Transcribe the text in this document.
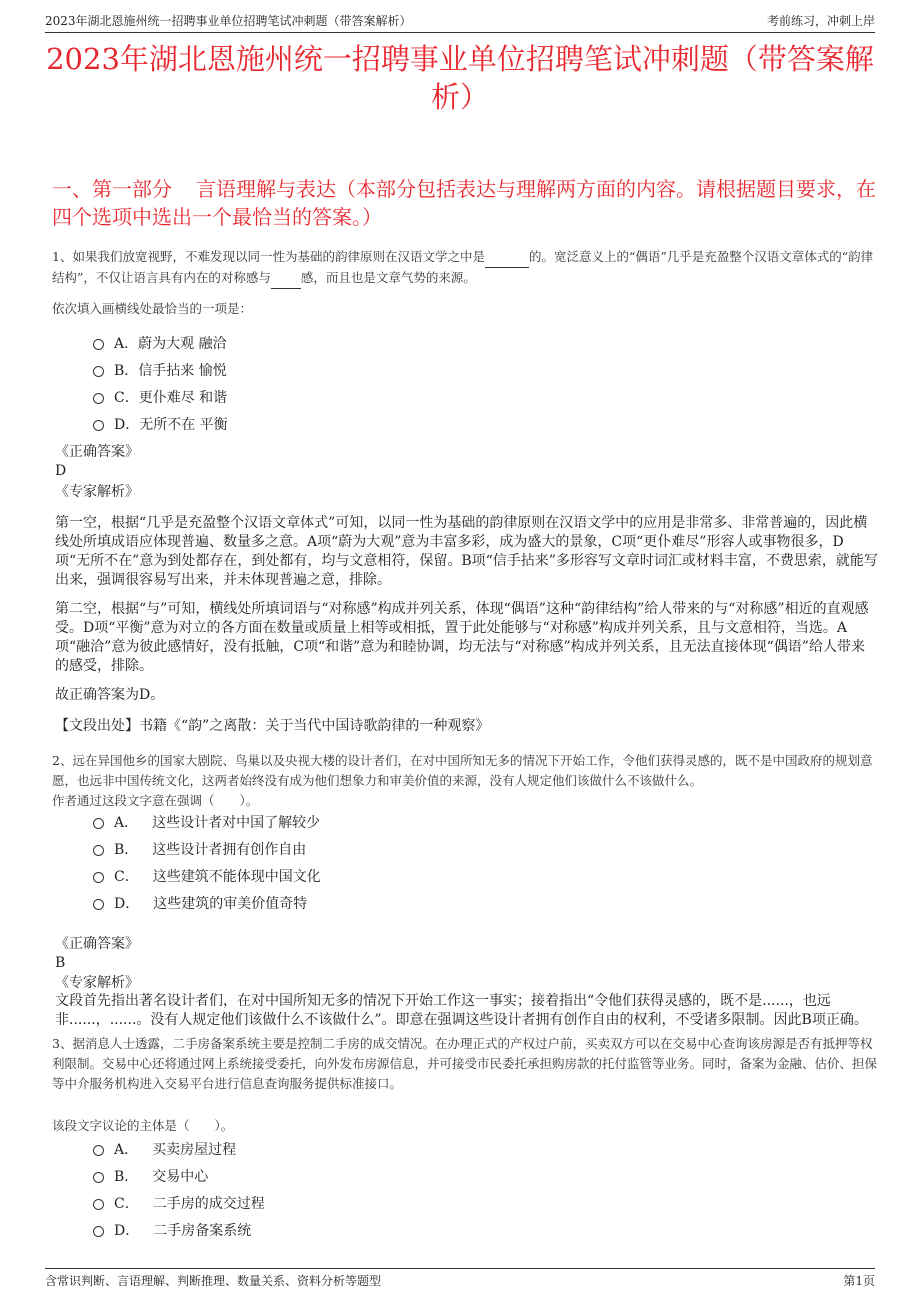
2023年湖北恩施州统一招聘事业单位招聘笔试冲刺题（带答案解析）	考前练习，冲刺上岸
2023年湖北恩施州统一招聘事业单位招聘笔试冲刺题（带答案解析）
一、第一部分 言语理解与表达（本部分包括表达与理解两方面的内容。请根据题目要求，在四个选项中选出一个最恰当的答案。）
1、如果我们放宽视野，不难发现以同一性为基础的韵律原则在汉语文学之中是	的。宽泛意义上的“偶语”几乎是充盈整个汉语文章体式的“韵律结构”，不仅让语言具有内在的对称感与 感，而且也是文章气势的来源。
依次填入画横线处最恰当的一项是：
A．蔚为大观 融洽
B．信手拈来 愉悦
C．更仆难尽 和谐
D．无所不在 平衡
《正确答案》
D
《专家解析》
第一空，根据“几乎是充盈整个汉语文章体式”可知，以同一性为基础的韵律原则在汉语文学中的应用是非常多、非常普遍的，因此横线处所填成语应体现普遍、数量多之意。A项“蔚为大观”意为丰富多彩，成为盛大的景象，C项“更仆难尽”形容人或事物很多，D项“无所不在”意为到处都存在，到处都有，均与文意相符，保留。B项“信手拈来”多形容写文章时词汇或材料丰富，不费思索，就能写出来，强调很容易写出来，并未体现普遍之意，排除。
第二空，根据“与”可知，横线处所填词语与“对称感”构成并列关系，体现“偶语”这种“韵律结构”给人带来的与“对称感”相近的直观感受。D项“平衡”意为对立的各方面在数量或质量上相等或相抵，置于此处能够与“对称感”构成并列关系，且与文意相符，当选。A项“融洽”意为彼此感情好，没有抵触，C项“和谐”意为和睦协调，均无法与“对称感”构成并列关系，且无法直接体现“偶语”给人带来的感受，排除。
故正确答案为D。
【文段出处】书籍《“韵”之离散：关于当代中国诗歌韵律的一种观察》
2、远在异国他乡的国家大剧院、鸟巢以及央视大楼的设计者们，在对中国所知无多的情况下开始工作，令他们获得灵感的，既不是中国政府的规划意愿，也远非中国传统文化，这两者始终没有成为他们想象力和审美价值的来源，没有人规定他们该做什么不该做什么。
作者通过这段文字意在强调（　　）。
A． 这些设计者对中国了解较少
B． 这些设计者拥有创作自由
C． 这些建筑不能体现中国文化
D． 这些建筑的审美价值奇特
《正确答案》
B
《专家解析》
文段首先指出著名设计者们，在对中国所知无多的情况下开始工作这一事实；接着指出“令他们获得灵感的，既不是......，也远非......，......。没有人规定他们该做什么不该做什么”。即意在强调这些设计者拥有创作自由的权利，不受诸多限制。因此B项正确。
3、据消息人士透露，二手房备案系统主要是控制二手房的成交情况。在办理正式的产权过户前，买卖双方可以在交易中心查询该房源是否有抵押等权利限制。交易中心还将通过网上系统接受委托，向外发布房源信息，并可接受市民委托承担购房款的托付监管等业务。同时，备案为金融、估价、担保等中介服务机构进入交易平台进行信息查询服务提供标准接口。
该段文字议论的主体是（　　）。
A． 买卖房屋过程
B． 交易中心
C． 二手房的成交过程
D． 二手房备案系统
含常识判断、言语理解、判断推理、数量关系、资料分析等题型	第1页
